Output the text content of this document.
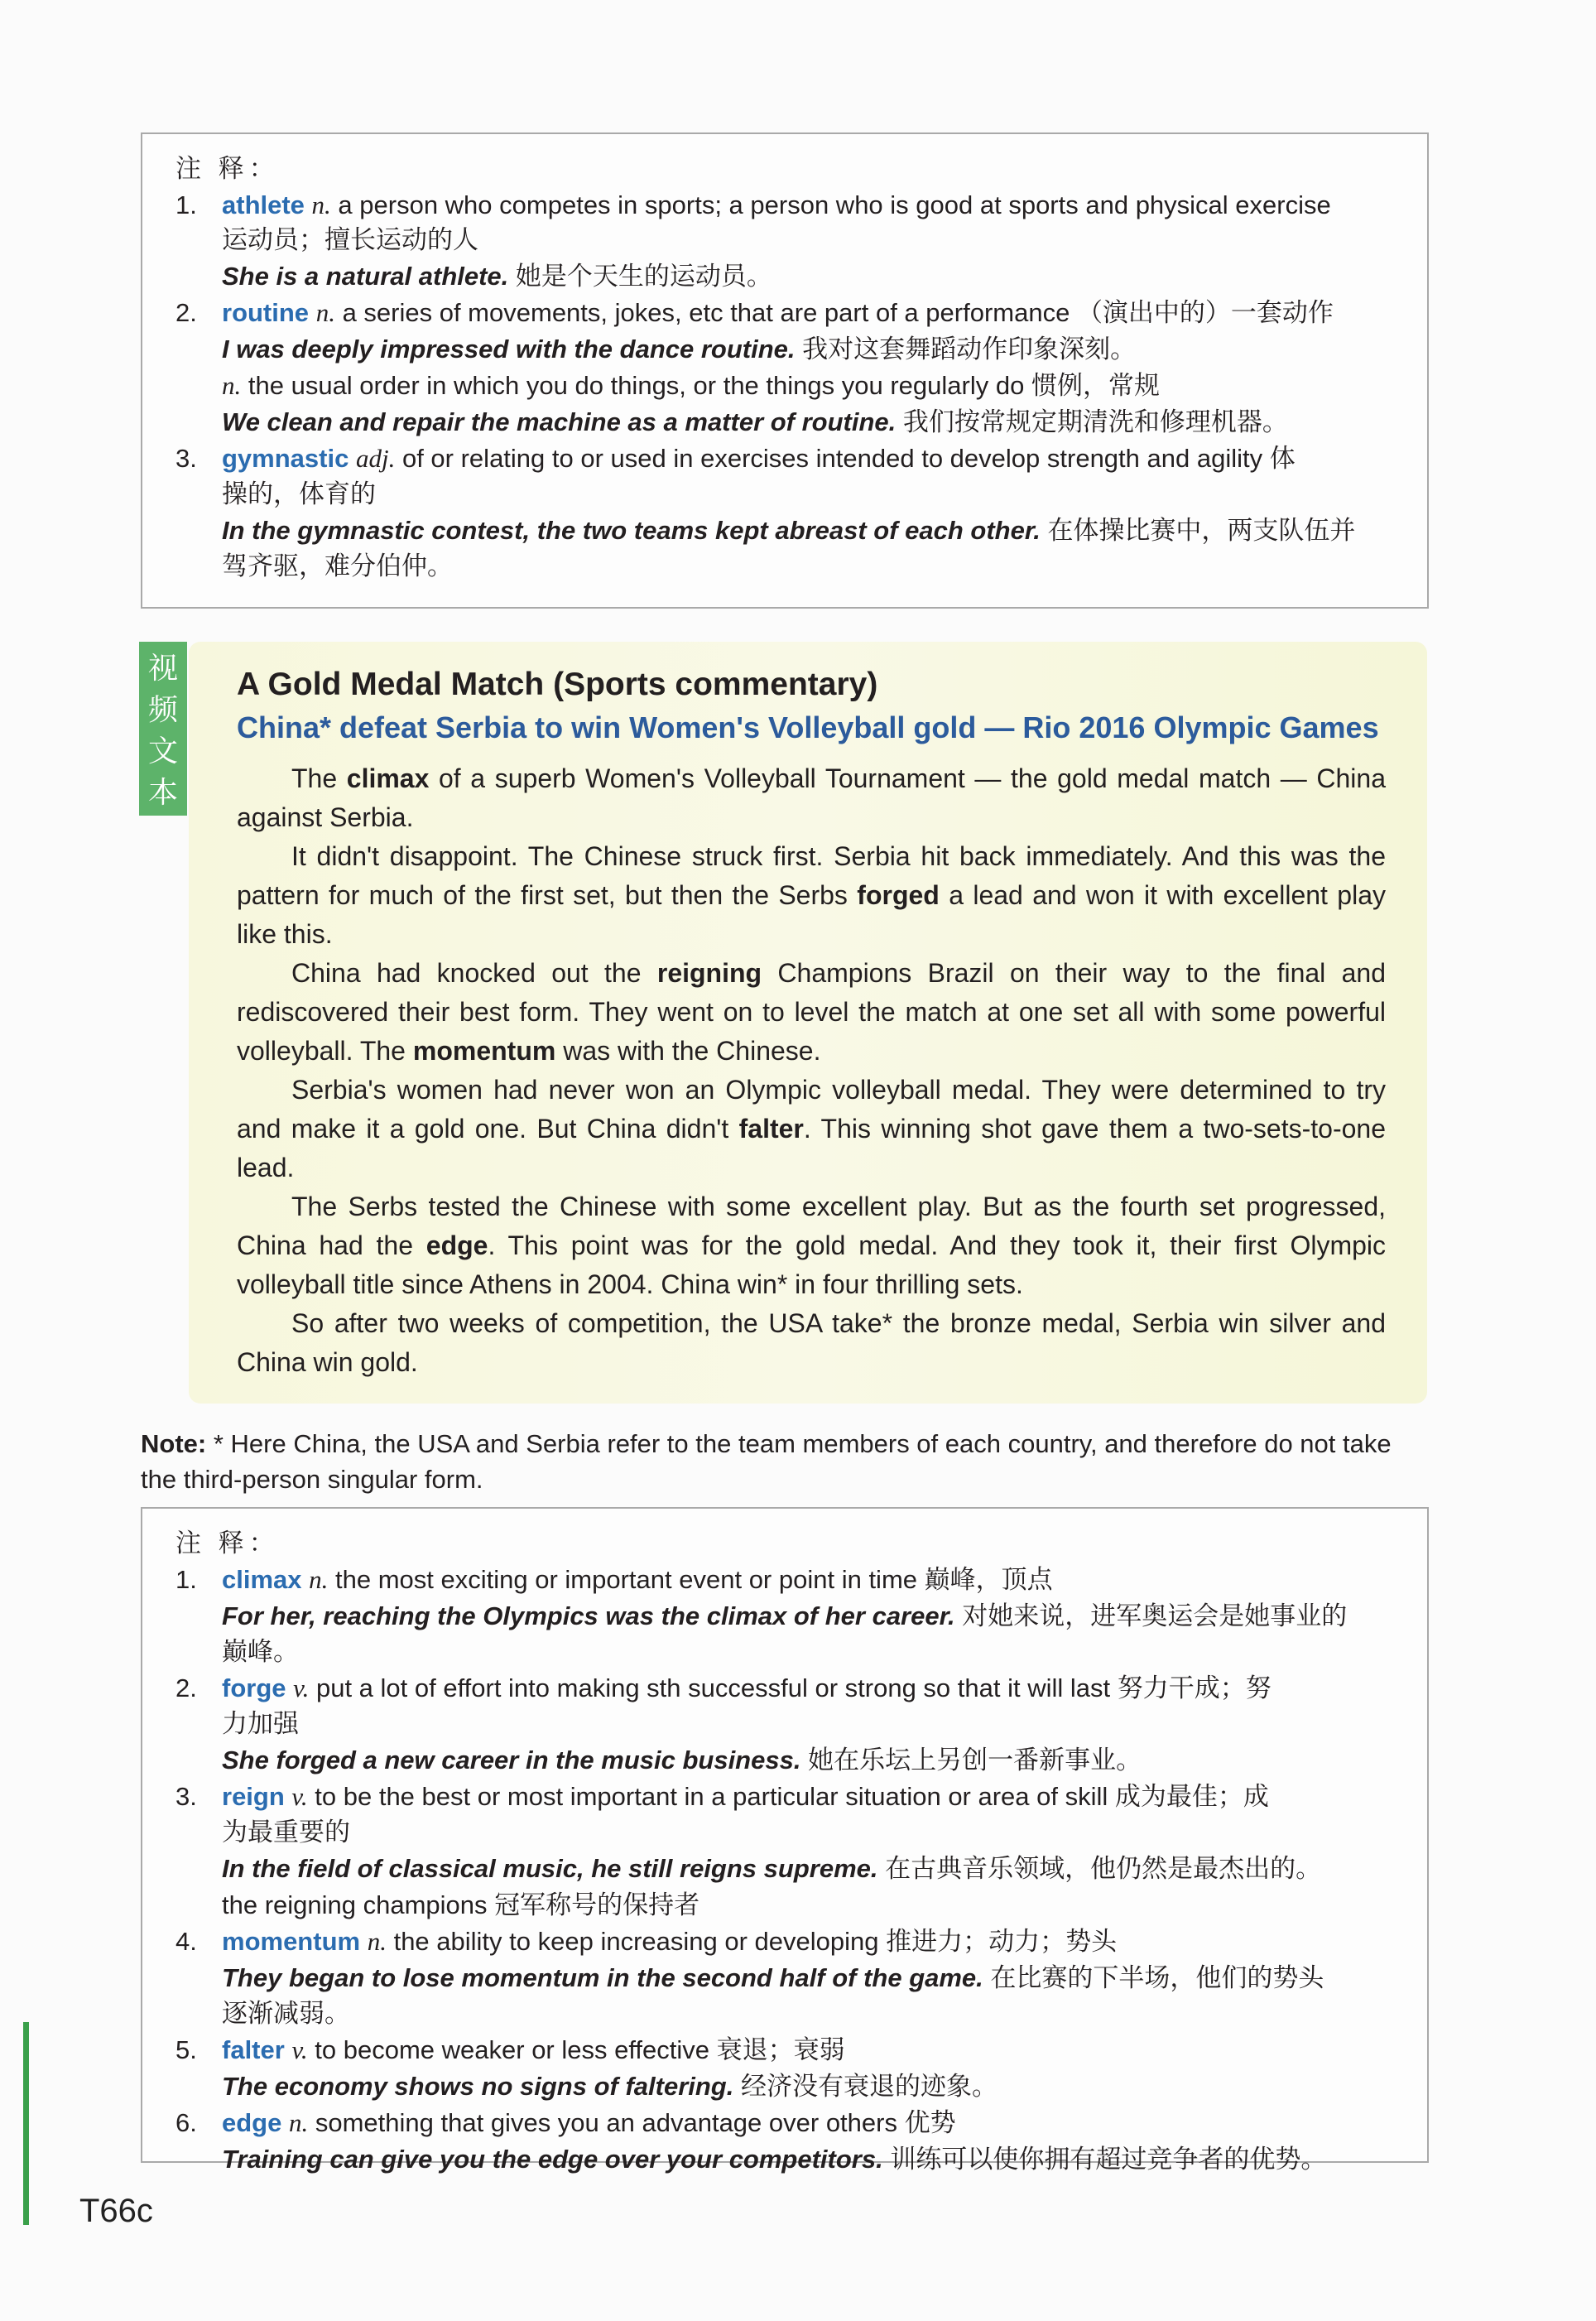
注 释：
1. athlete n. a person who competes in sports; a person who is good at sports and physical exercise
运动员；擅长运动的人
She is a natural athlete. 她是个天生的运动员。
2. routine n. a series of movements, jokes, etc that are part of a performance （演出中的）一套动作
I was deeply impressed with the dance routine. 我对这套舞蹈动作印象深刻。
n. the usual order in which you do things, or the things you regularly do 惯例，常规
We clean and repair the machine as a matter of routine. 我们按常规定期清洗和修理机器。
3. gymnastic adj. of or relating to or used in exercises intended to develop strength and agility 体
操的，体育的
In the gymnastic contest, the two teams kept abreast of each other. 在体操比赛中，两支队伍并
驾齐驱，难分伯仲。
视
频
文
本
A Gold Medal Match (Sports commentary)
China* defeat Serbia to win Women's Volleyball gold — Rio 2016 Olympic Games
The climax of a superb Women's Volleyball Tournament — the gold medal match — China against Serbia.
It didn't disappoint. The Chinese struck first. Serbia hit back immediately. And this was the pattern for much of the first set, but then the Serbs forged a lead and won it with excellent play like this.
China had knocked out the reigning Champions Brazil on their way to the final and rediscovered their best form. They went on to level the match at one set all with some powerful volleyball. The momentum was with the Chinese.
Serbia's women had never won an Olympic volleyball medal. They were determined to try and make it a gold one. But China didn't falter. This winning shot gave them a two-sets-to-one lead.
The Serbs tested the Chinese with some excellent play. But as the fourth set progressed, China had the edge. This point was for the gold medal. And they took it, their first Olympic volleyball title since Athens in 2004. China win* in four thrilling sets.
So after two weeks of competition, the USA take* the bronze medal, Serbia win silver and China win gold.
Note: * Here China, the USA and Serbia refer to the team members of each country, and therefore do not take the third-person singular form.
注 释：
1. climax n. the most exciting or important event or point in time 巅峰，顶点
For her, reaching the Olympics was the climax of her career. 对她来说，进军奥运会是她事业的
巅峰。
2. forge v. put a lot of effort into making sth successful or strong so that it will last 努力干成；努
力加强
She forged a new career in the music business. 她在乐坛上另创一番新事业。
3. reign v. to be the best or most important in a particular situation or area of skill 成为最佳；成
为最重要的
In the field of classical music, he still reigns supreme. 在古典音乐领域，他仍然是最杰出的。
the reigning champions 冠军称号的保持者
4. momentum n. the ability to keep increasing or developing 推进力；动力；势头
They began to lose momentum in the second half of the game. 在比赛的下半场，他们的势头
逐渐减弱。
5. falter v. to become weaker or less effective 衰退；衰弱
The economy shows no signs of faltering. 经济没有衰退的迹象。
6. edge n. something that gives you an advantage over others 优势
Training can give you the edge over your competitors. 训练可以使你拥有超过竞争者的优势。
T66c
